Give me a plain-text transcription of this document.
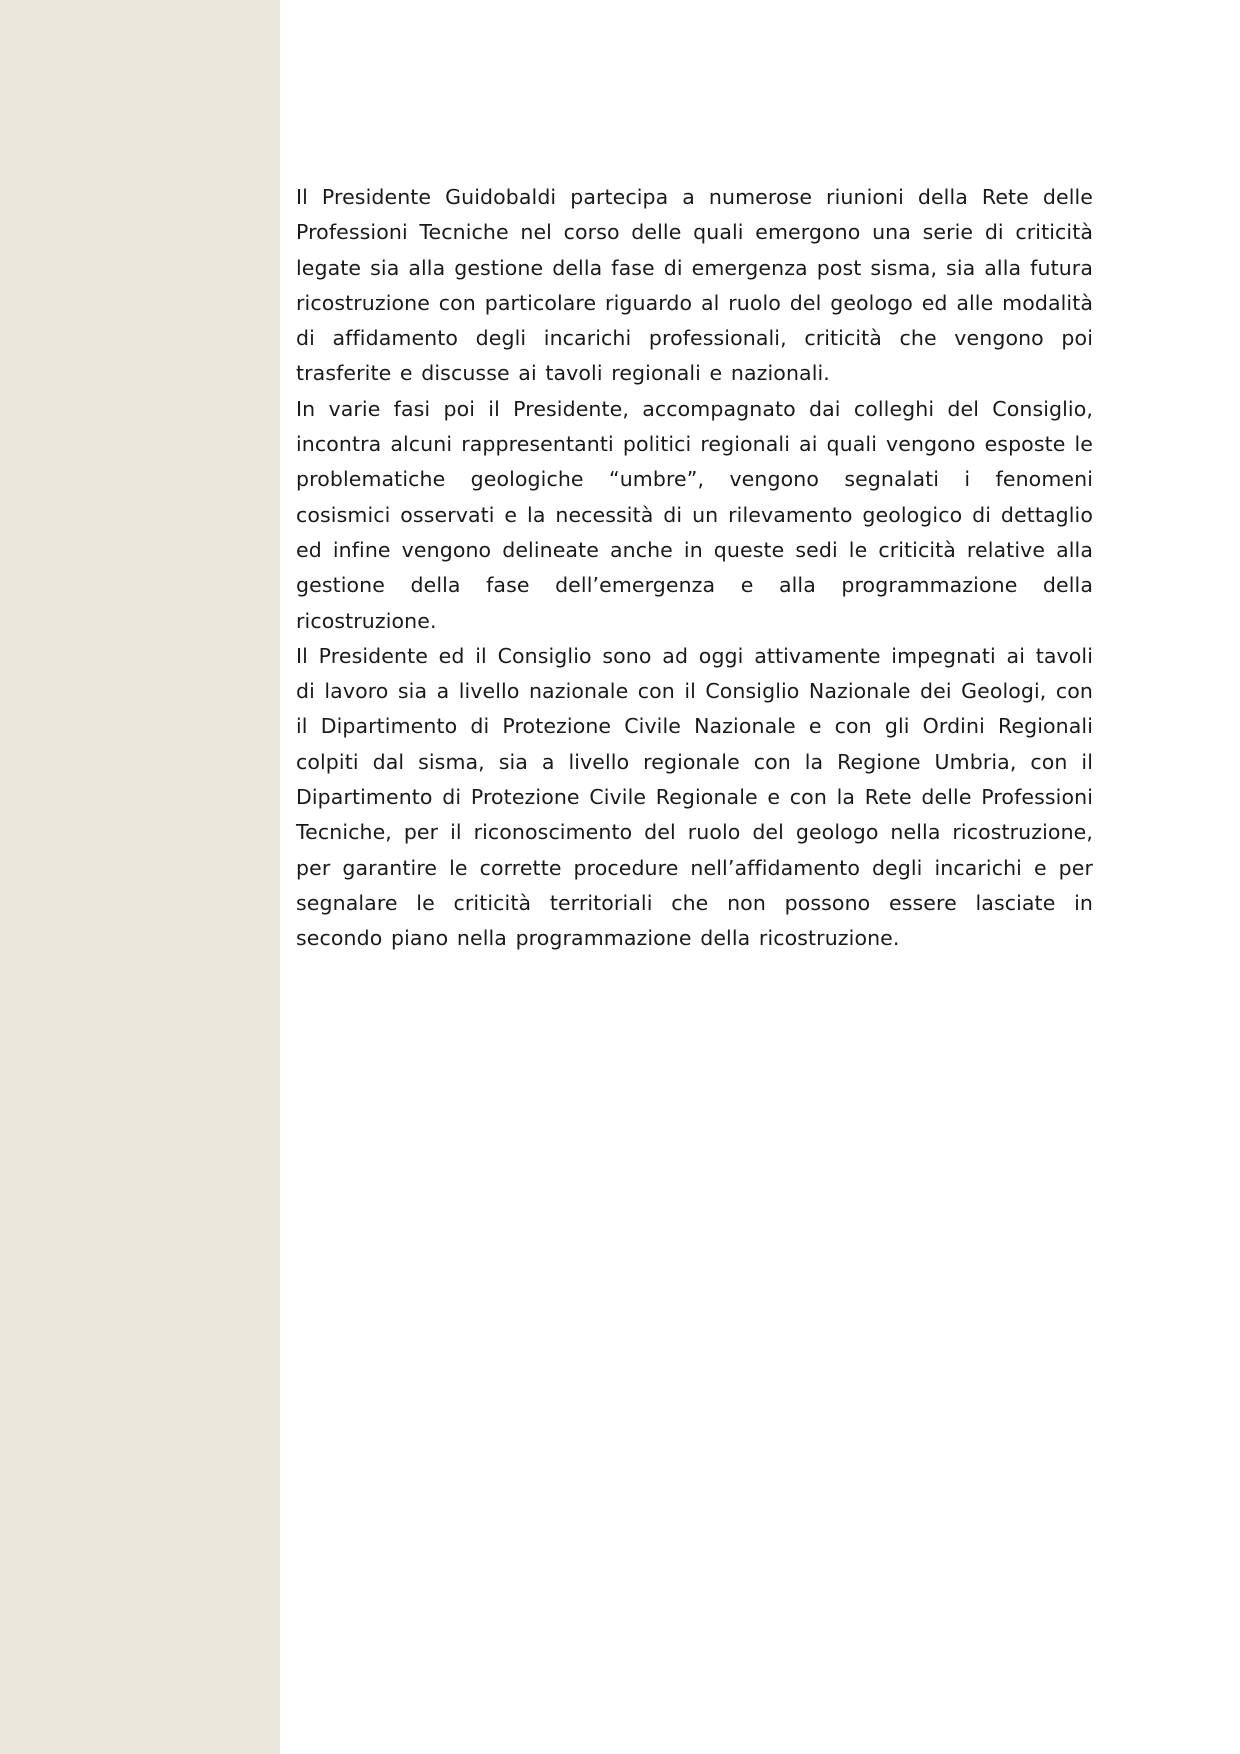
Il Presidente Guidobaldi partecipa a numerose riunioni della Rete delle Professioni Tecniche nel corso delle quali emergono una serie di criticità legate sia alla gestione della fase di emergenza post sisma, sia alla futura ricostruzione con particolare riguardo al ruolo del geologo ed alle modalità di affidamento degli incarichi professionali, criticità che vengono poi trasferite e discusse ai tavoli regionali e nazionali.

In varie fasi poi il Presidente, accompagnato dai colleghi del Consiglio, incontra alcuni rappresentanti politici regionali ai quali vengono esposte le problematiche geologiche “umbre”, vengono segnalati i fenomeni cosismici osservati e la necessità di un rilevamento geologico di dettaglio ed infine vengono delineate anche in queste sedi le criticità relative alla gestione della fase dell’emergenza e alla programmazione della ricostruzione.

Il Presidente ed il Consiglio sono ad oggi attivamente impegnati ai tavoli di lavoro sia a livello nazionale con il Consiglio Nazionale dei Geologi, con il Dipartimento di Protezione Civile Nazionale e con gli Ordini Regionali colpiti dal sisma, sia a livello regionale con la Regione Umbria, con il Dipartimento di Protezione Civile Regionale e con la Rete delle Professioni Tecniche, per il riconoscimento del ruolo del geologo nella ricostruzione, per garantire le corrette procedure nell’affidamento degli incarichi e per segnalare le criticità territoriali che non possono essere lasciate in secondo piano nella programmazione della ricostruzione.
